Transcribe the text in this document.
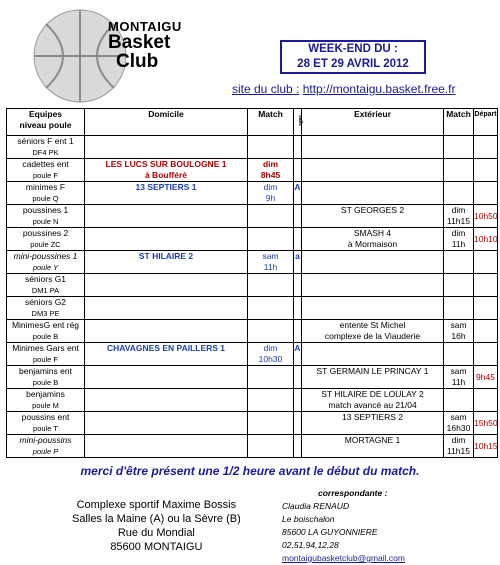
MONTAIGU
Basket
Club
WEEK-END DU :
28 ET 29 AVRIL 2012
site du club : http://montaigu.basket.free.fr
Equipes
niveau poule	Domicile	Match	salle	Extérieur	Match	Départ

séniors F ent 1
DF4 PK						

cadettes ent
poule F	LES LUCS SUR BOULOGNE 1
à Boufféré	dim
8h45				

minimes F
poule Q	13 SEPTIERS 1	dim
9h	A			

poussines 1
poule N				ST GEORGES 2	dim
11h15	10h50

poussines 2
poule ZC				SMASH 4
à Mormaison	dim
11h	10h10

mini-poussines 1
poule Y	ST HILAIRE 2	sam
11h	a			

séniors G1
DM1 PA						

séniors G2
DM3 PE						

MinimesG ent rég
poule B				entente St Michel
complexe de la Viauderie	sam
16h	

Minimes Gars ent
poule F	CHAVAGNES EN PAILLERS 1	dim
10h30	A			

benjamins ent
poule B				ST GERMAIN LE PRINCAY 1	sam
11h	9h45

benjamins
poule M				ST HILAIRE DE LOULAY 2
match avancé au 21/04		

poussins ent
poule T				13 SEPTIERS 2	sam
16h30	15h50

mini-poussins
poule P				MORTAGNE 1	dim
11h15	10h15
merci d'être présent une 1/2 heure avant le début du match.
Complexe sportif Maxime Bossis
Salles la Maine (A) ou la Sèvre (B)
Rue du Mondial
85600 MONTAIGU
correspondante :
Claudia RENAUD
Le boischalon
85600 LA GUYONNIERE
02,51,94,12,28
montaigubasketclub@gmail.com
